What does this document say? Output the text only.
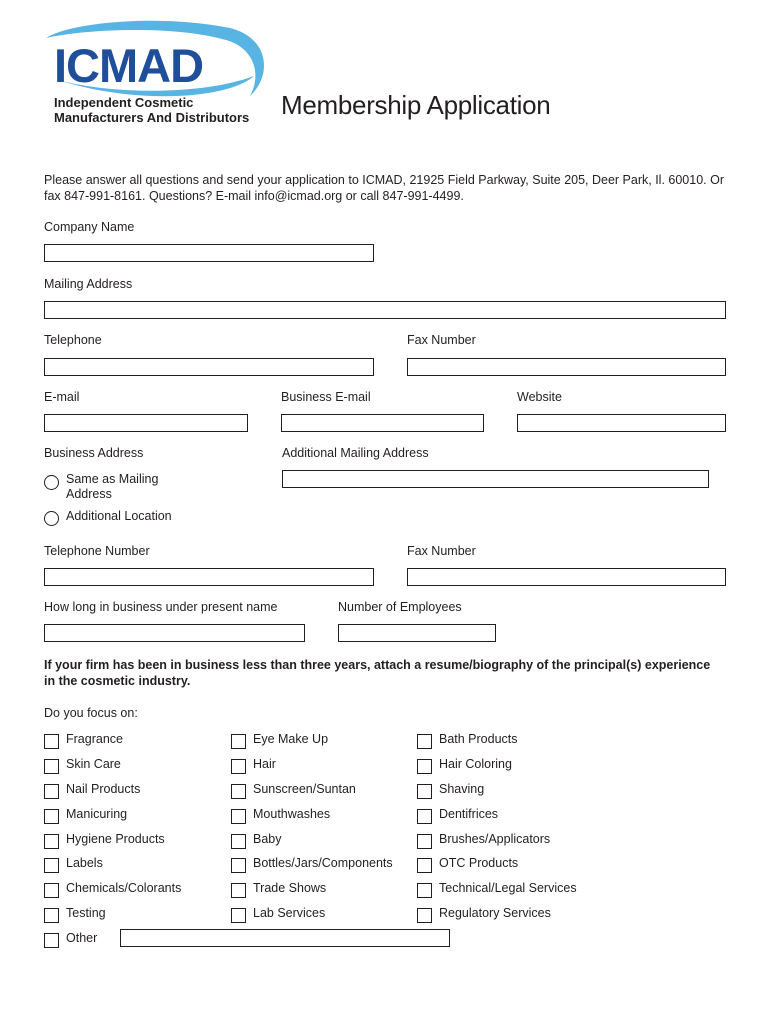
ICMAD
Independent Cosmetic
Manufacturers And Distributors Membership Application
Please answer all questions and send your application to ICMAD, 21925 Field Parkway, Suite 205, Deer Park, Il. 60010. Or fax 847-991-8161. Questions? E-mail info@icmad.org or call 847-991-4499.
Company Name
Mailing Address
Telephone	Fax Number
E-mail	Business E-mail	Website
Business Address	Additional Mailing Address
Same as Mailing
Address
Additional Location
Telephone Number	Fax Number
How long in business under present name	Number of Employees
If your firm has been in business less than three years, attach a resume/biography of the principal(s) experience in the cosmetic industry.
Do you focus on:
Fragrance
Skin Care
Nail Products
Manicuring
Hygiene Products
Labels
Chemicals/Colorants
Testing
Other
Eye Make Up
Hair
Sunscreen/Suntan
Mouthwashes
Baby
Bottles/Jars/Components
Trade Shows
Lab Services
Bath Products
Hair Coloring
Shaving
Dentifrices
Brushes/Applicators
OTC Products
Technical/Legal Services
Regulatory Services
